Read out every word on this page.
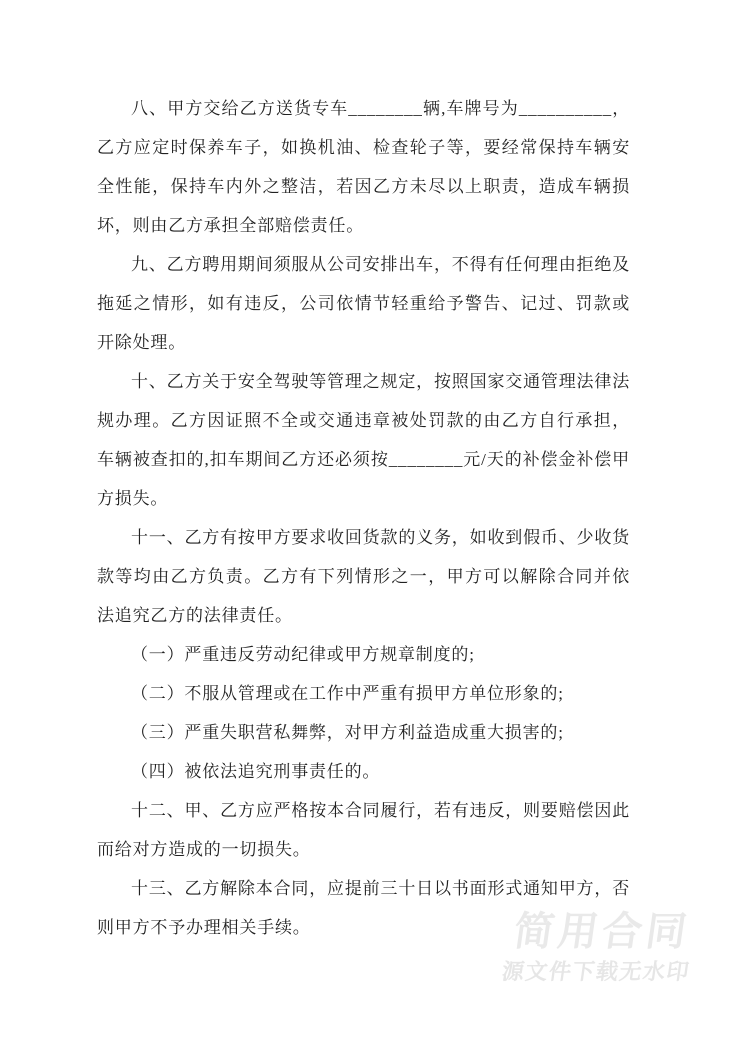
八、甲方交给乙方送货专车________辆,车牌号为__________，乙方应定时保养车子，如换机油、检查轮子等，要经常保持车辆安全性能，保持车内外之整洁，若因乙方未尽以上职责，造成车辆损坏，则由乙方承担全部赔偿责任。

九、乙方聘用期间须服从公司安排出车，不得有任何理由拒绝及拖延之情形，如有违反，公司依情节轻重给予警告、记过、罚款或开除处理。

十、乙方关于安全驾驶等管理之规定，按照国家交通管理法律法规办理。乙方因证照不全或交通违章被处罚款的由乙方自行承担，车辆被查扣的,扣车期间乙方还必须按________元/天的补偿金补偿甲方损失。

十一、乙方有按甲方要求收回货款的义务，如收到假币、少收货款等均由乙方负责。乙方有下列情形之一，甲方可以解除合同并依法追究乙方的法律责任。

（一）严重违反劳动纪律或甲方规章制度的;

（二）不服从管理或在工作中严重有损甲方单位形象的;

（三）严重失职营私舞弊，对甲方利益造成重大损害的;

（四）被依法追究刑事责任的。

十二、甲、乙方应严格按本合同履行，若有违反，则要赔偿因此而给对方造成的一切损失。

十三、乙方解除本合同，应提前三十日以书面形式通知甲方，否则甲方不予办理相关手续。	简用合同
源文件下载无水印
